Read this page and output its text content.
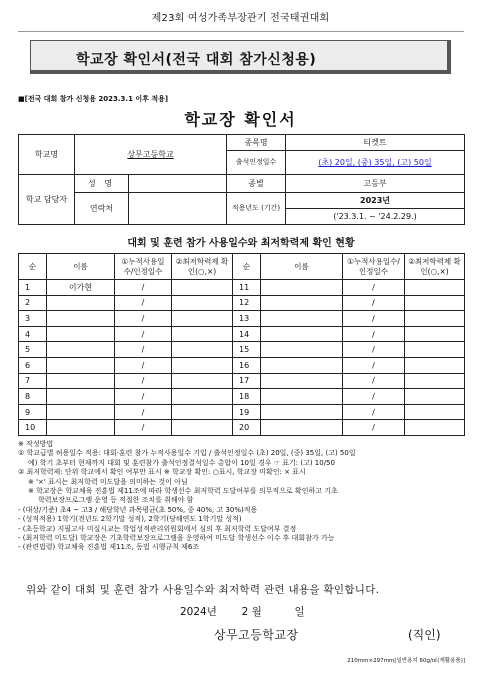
제23회 여성가족부장관기 전국태권대회
학교장 확인서(전국 대회 참가신청용)
■[전국 대회 참가 신청용 2023.3.1 이후 적용]
학교장 확인서
학교명	상무고등학교		종목명	티켓트
			출석인정일수	(초) 20일, (중) 35일, (고) 50일
학교 담당자	성 명		종별	고등부
	연락처		적용년도 (기간)	2023년
				('23.3.1. ~ '24.2.29.)
대회 및 훈련 참가 사용일수와 최저학력제 확인 현황
순	이름	①누적사용일수/인정일수	②최저학력제 확인(○,×)	순	이름	①누적사용일수/인정일수	②최저학력제 확인(○,×)
1	이가현	/		11		/	
2		/		12		/	
3		/		13		/	
4		/		14		/	
5		/		15		/	
6		/		16		/	
7		/		17		/	
8		/		18		/	
9		/		19		/	
10		/		20		/	
※ 작성방법
① 학교급별 허용일수 적용: 대회·훈련 참가 누적사용일수 기입 / 출석인정일수 (초) 20일, (중) 35일, (고) 50일
예) 학기 초부터 현재까지 대회 및 훈련참가 출석인정결석일수 총합이 10일 경우 ☞ 표기: (고) 10/50
② 최저학력제: 단위 학교에서 확인 여부만 표시 ※ 학교장 확인: ○표시, 학교장 미확인: × 표시
※ '×' 표시는 최저학력 미도달을 의미하는 것이 아님
※ 학교장은 학교체육 진흥법 제11조에 따라 학생선수 최저학력 도달여부를 의무적으로 확인하고 기초
학력보장프로그램 운영 등 적절한 조치를 취해야 함
- (대상/기준) 초4 ~ 고3 / 해당학년 과목평균(초 50%, 중 40%, 고 30%)적용
- (성적적용) 1학기(전년도 2학기말 성적), 2학기(당해연도 1학기말 성적)
- (초등학교) 지필고사 미실시교는 학업성적관리위원회에서 심의 후 최저학력 도달여부 결정
- (최저학력 미도달) 학교장은 기초학력보장프로그램을 운영하여 미도달 학생선수 이수 후 대회참가 가능
- (관련법령) 학교체육 진흥법 제11조, 동법 시행규칙 제6조
위와 같이 대회 및 훈련 참가 사용일수와 최저학력 관련 내용을 확인합니다.
2024년 2 월	일
상무고등학교장	(직인)
210mm×297mm[일반용지 60g/㎡(재활용품)]
